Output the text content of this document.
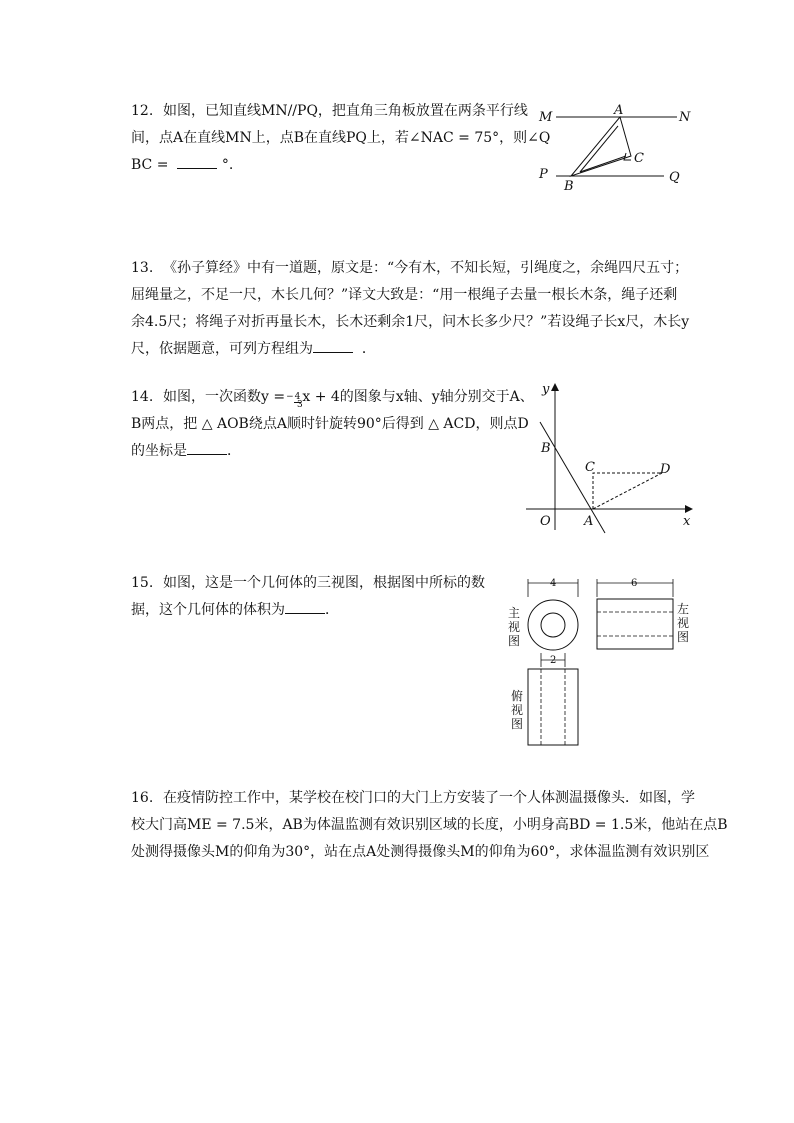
12. 如图，已知直线MN//PQ，把直角三角板放置在两条平行线

间，点A在直线MN上，点B在直线PQ上，若∠NAC = 75°，则∠Q

BC =	°.

M	A	N
C
P
B
Q

13. 《孙子算经》中有一道题，原文是：“今有木，不知长短，引绳度之，余绳四尺五寸；

屈绳量之，不足一尺，木长几何？”译文大致是：“用一根绳子去量一根长木条，绳子还剩

余4.5尺；将绳子对折再量长木，长木还剩余1尺，问木长多少尺？”若设绳子长x尺，木长y

尺，依据题意，可列方程组为	．

14. 如图，一次函数y =−4 x + 4的图象与x轴、y轴分别交于A、

B两点，把 △ AOB绕点A顺时针旋转90°后得到 △ ACD，则点D

的坐标是	．

3
y
x
O	A
B
C	D

15. 如图，这是一个几何体的三视图，根据图中所标的数

据，这个几何体的体积为	．

4
主
视
图
6
左
视
图
2
俯
视
图

16. 在疫情防控工作中，某学校在校门口的大门上方安装了一个人体测温摄像头．如图，学

校大门高ME = 7.5米，AB为体温监测有效识别区域的长度，小明身高BD = 1.5米，他站在点B

处测得摄像头M的仰角为30°，站在点A处测得摄像头M的仰角为60°，求体温监测有效识别区
